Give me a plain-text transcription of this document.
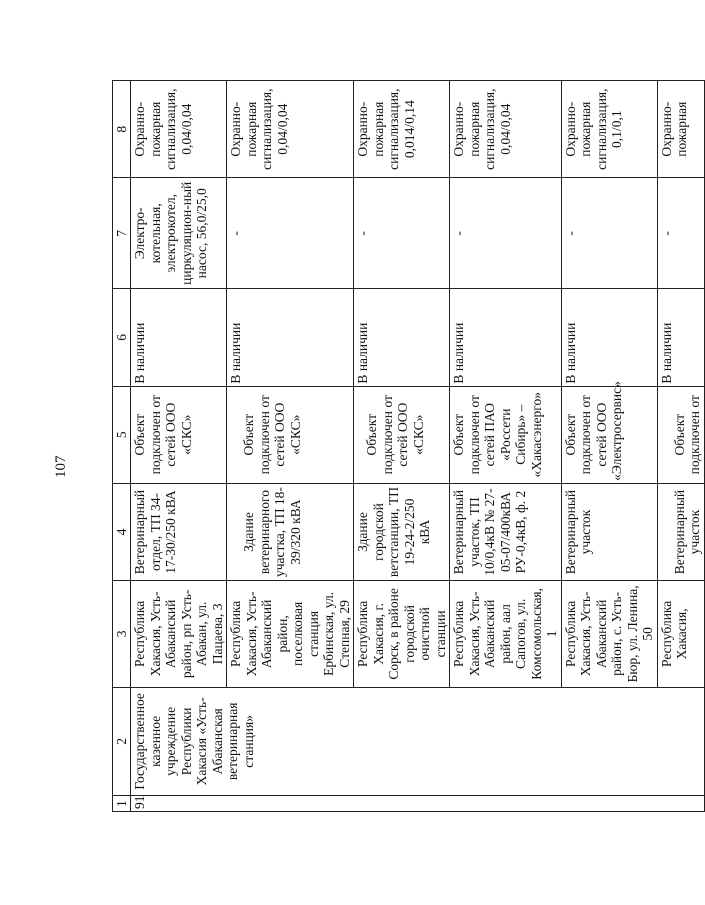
107
1	2	3	4	5	6	7	8
91	Государственное казенное учреждение Республики Хакасия «Усть-Абаканская ветеринарная станция»	Республика Хакасия, Усть-Абаканский район, рп Усть-Абакан, ул. Пацаева, 3	Ветеринарный отдел, ТП 34-17-30/250 кВА	Объект подключен от сетей ООО «СКС»	В наличии	Электро-котельная, электрокотел, циркуляцион-ный насос, 56,0/25,0	Охранно-пожарная сигнализация, 0,04/0,04
		Республика Хакасия, Усть-Абаканский район, поселковая станция Ербинская, ул. Степная, 29	Здание ветеринарного участка, ТП 18-39/320 кВА	Объект подключен от сетей ООО «СКС»	В наличии	-	Охранно-пожарная сигнализация, 0,04/0,04
		Республика Хакасия, г. Сорск, в районе городской очистной станции	Здание городской ветстанции, ТП 19-24-2/250 кВА	Объект подключен от сетей ООО «СКС»	В наличии	-	Охранно-пожарная сигнализация, 0,014/0,14
		Республика Хакасия, Усть-Абаканский район, аал Сапогов, ул. Комсомольская, 1	Ветеринарный участок, ТП 10/0,4кВ № 27-05-07/400кВА РУ-0,4кВ, ф. 2	Объект подключен от сетей ПАО «Россети Сибирь» – «Хакасэнерго»	В наличии	-	Охранно-пожарная сигнализация, 0,04/0,04
		Республика Хакасия, Усть-Абаканский район, с. Усть-Бюр, ул. Ленина, 50	Ветеринарный участок	Объект подключен от сетей ООО «Электросервис»	В наличии	-	Охранно-пожарная сигнализация, 0,1/0,1
		Республика Хакасия,	Ветеринарный участок	Объект подключен от	В наличии	-	Охранно-пожарная
